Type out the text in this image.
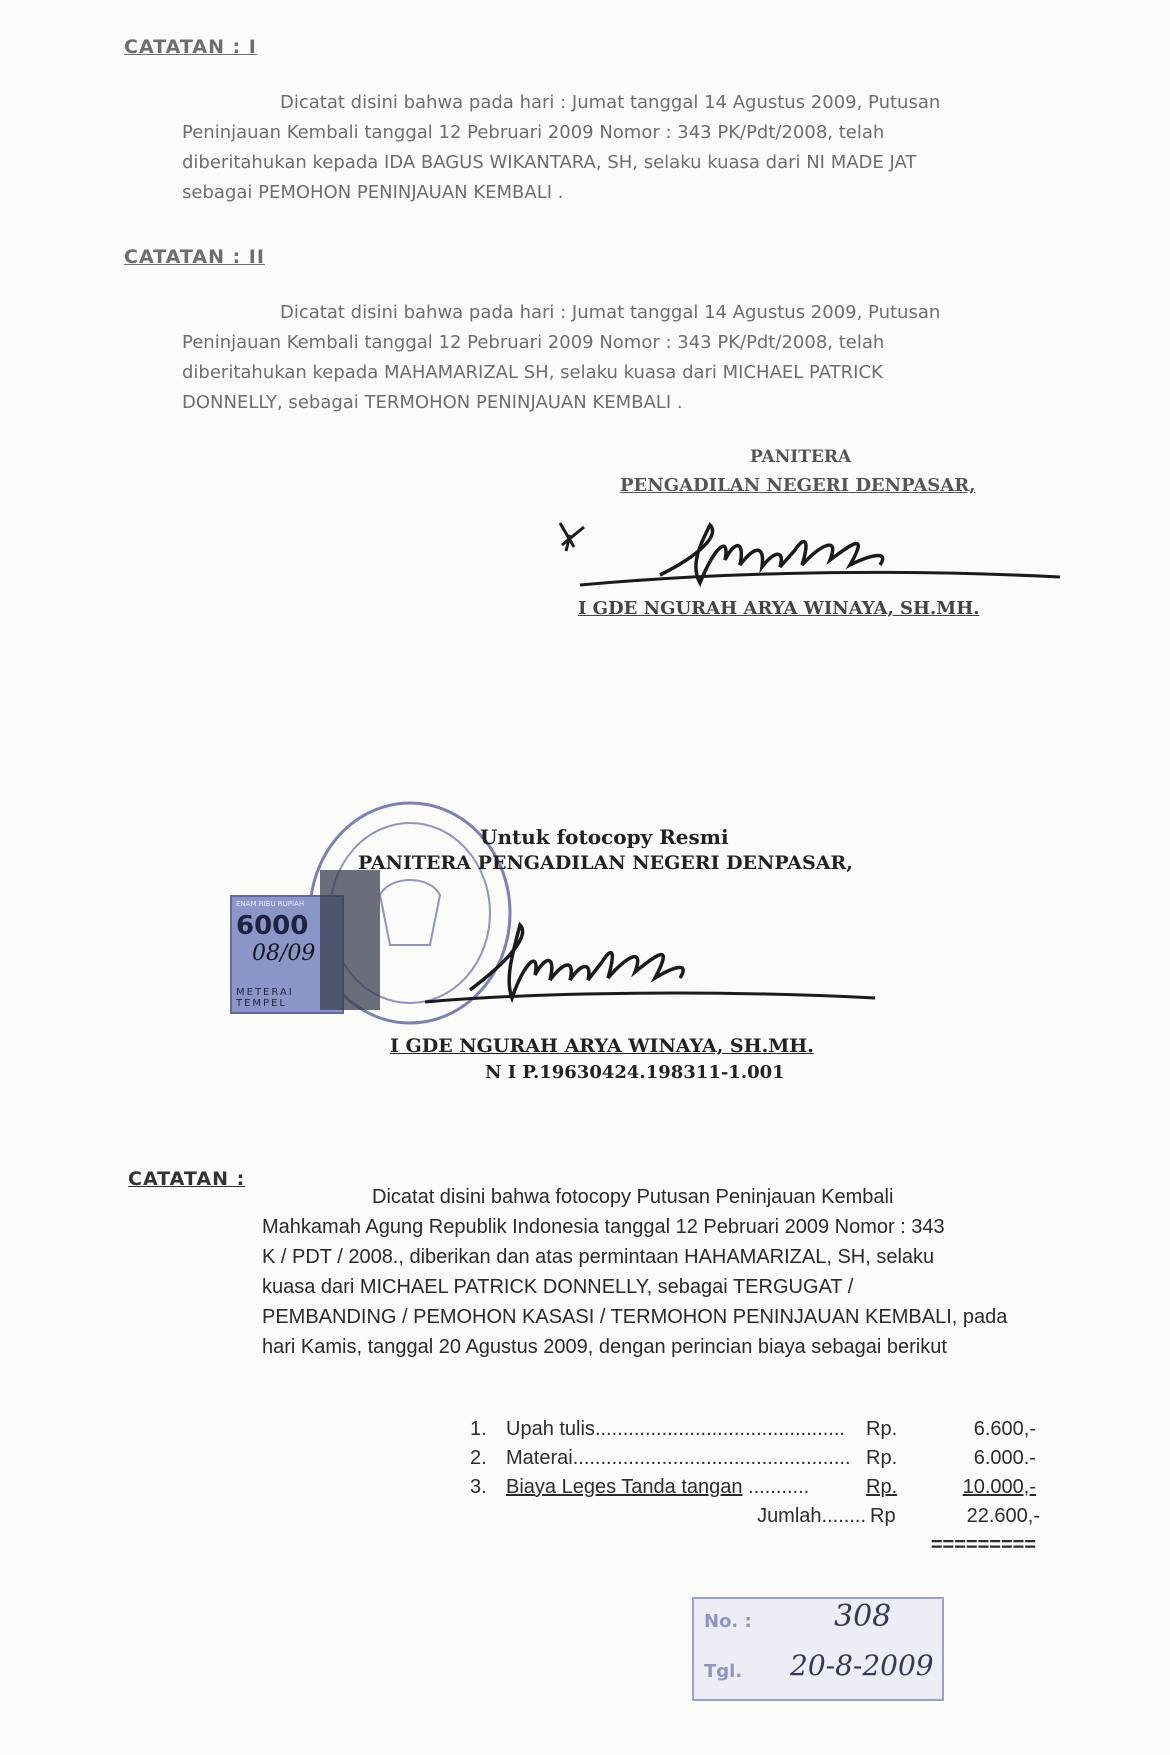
CATATAN : I
Dicatat disini bahwa pada hari : Jumat tanggal 14 Agustus 2009, Putusan
Peninjauan Kembali tanggal 12 Pebruari 2009 Nomor : 343 PK/Pdt/2008, telah
diberitahukan kepada IDA BAGUS WIKANTARA, SH, selaku kuasa dari NI MADE JAT
sebagai PEMOHON PENINJAUAN KEMBALI .
CATATAN : II
Dicatat disini bahwa pada hari : Jumat tanggal 14 Agustus 2009, Putusan
Peninjauan Kembali tanggal 12 Pebruari 2009 Nomor : 343 PK/Pdt/2008, telah
diberitahukan kepada MAHAMARIZAL SH, selaku kuasa dari MICHAEL PATRICK
DONNELLY, sebagai TERMOHON PENINJAUAN KEMBALI .
PANITERA
PENGADILAN NEGERI DENPASAR,
I GDE NGURAH ARYA WINAYA, SH.MH.
ENAM RIBU RUPIAH
6000
08/09
METERAI TEMPEL
Untuk fotocopy Resmi
PANITERA PENGADILAN NEGERI DENPASAR,
I GDE NGURAH ARYA WINAYA, SH.MH.
N I P.19630424.198311-1.001
CATATAN :
Dicatat disini bahwa fotocopy Putusan Peninjauan Kembali
Mahkamah Agung Republik Indonesia tanggal 12 Pebruari 2009 Nomor : 343
K / PDT / 2008., diberikan dan atas permintaan HAHAMARIZAL, SH, selaku
kuasa dari MICHAEL PATRICK DONNELLY, sebagai TERGUGAT /
PEMBANDING / PEMOHON KASASI / TERMOHON PENINJAUAN KEMBALI, pada
hari Kamis, tanggal 20 Agustus 2009, dengan perincian biaya sebagai berikut
1. Upah tulis.............................................	Rp.	6.600,-
2. Materai.................................................. Rp.	6.000.-
3. Biaya Leges Tanda tangan ...........	Rp.	10.000,-
Jumlah........ Rp	22.600,-
=========
No. :	308
Tgl. 20-8-2009
